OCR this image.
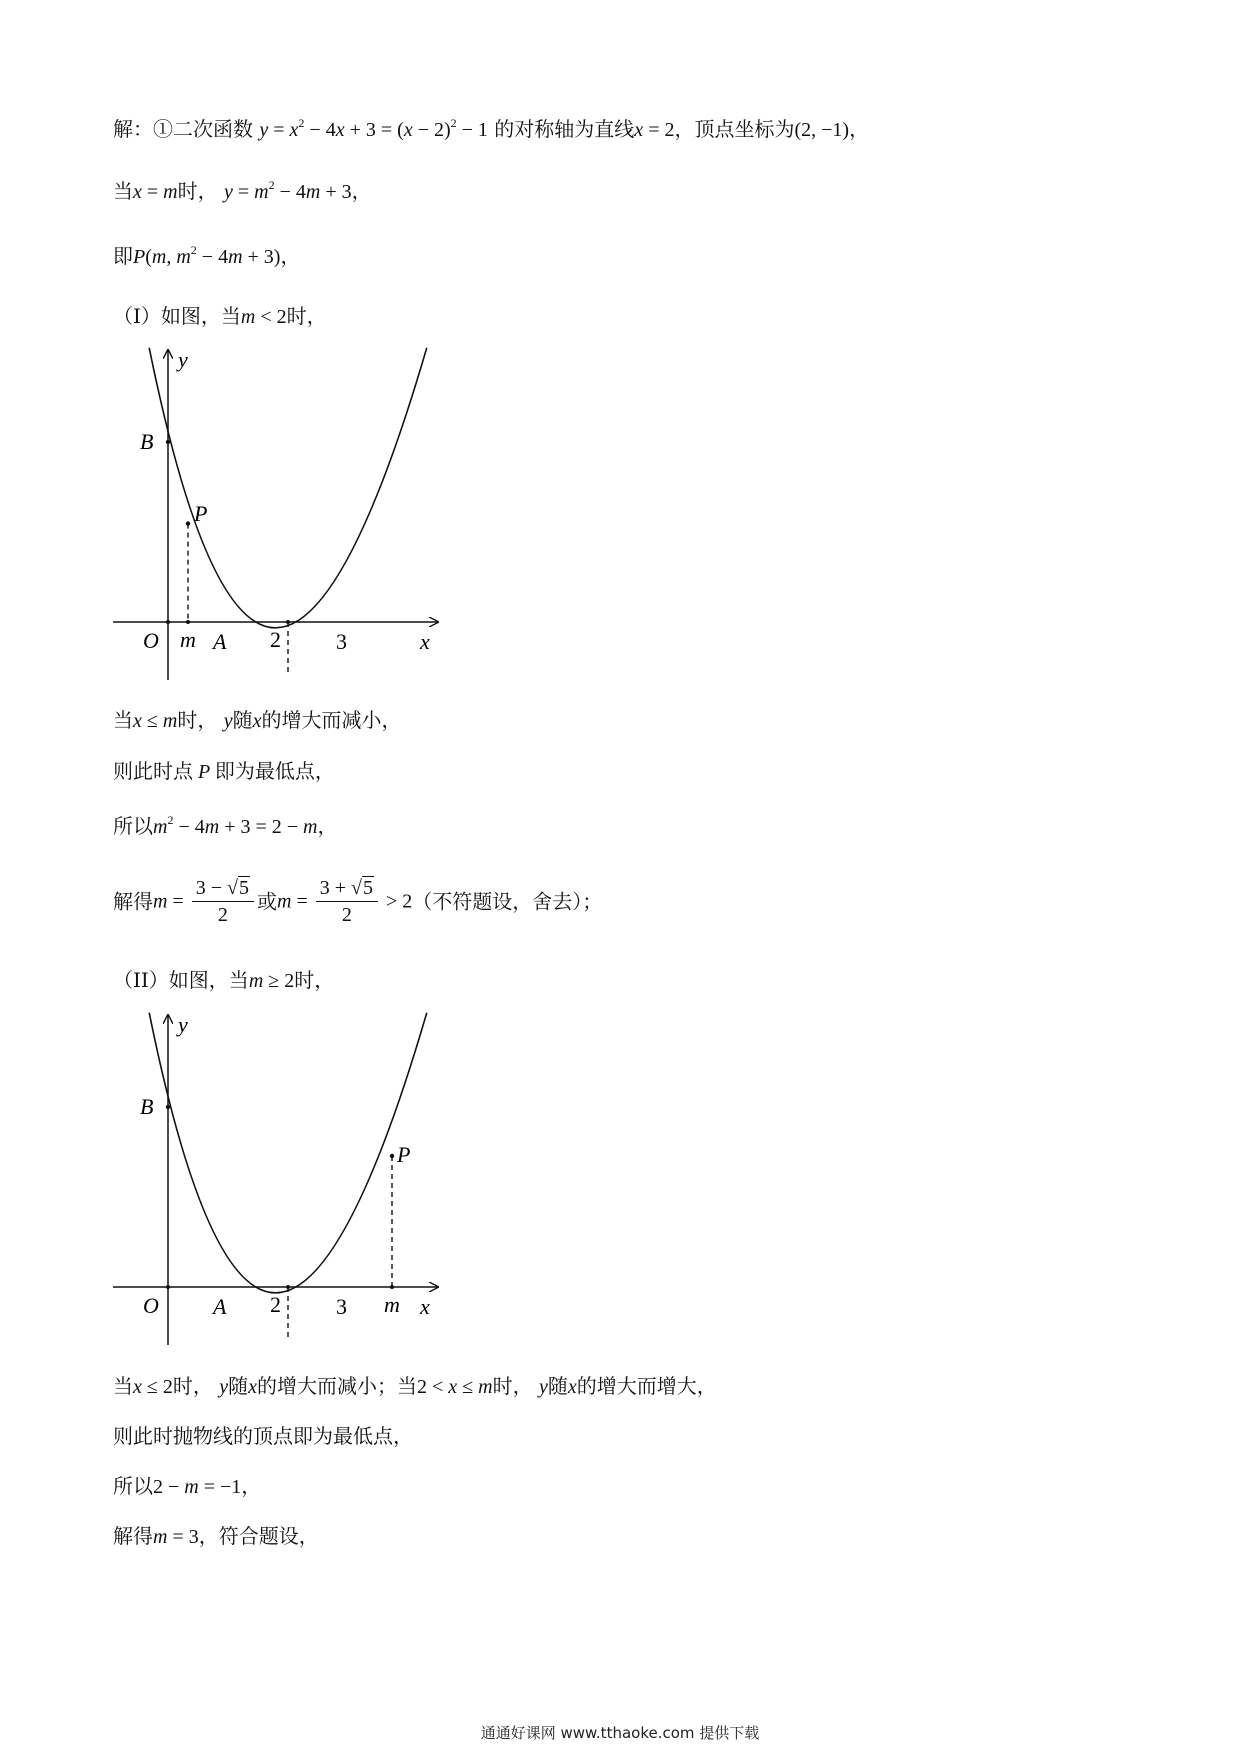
解：①二次函数 $y = x^2 - 4x + 3 = (x - 2)^2 - 1$ 的对称轴为直线x = 2，顶点坐标为(2, −1)，
当x = m时， $y = m^2 - 4m + 3$，
即P(m, $m^2 - 4m + 3$)，
（I）如图，当m < 2时，
y
B
P
O m A 2	3	x
当x ≤ m时， y随x的增大而减小，
则此时点 P 即为最低点，
所以$m^2 - 4m + 3 = 2 - m$，
解得$m = \frac{3 - √5}{2}$ 或$m = \frac{3 + √5}{2} > 2$（不符题设，舍去）；
（II）如图，当m ≥ 2时，
y
B
P
O A 2	3 m x
当x ≤ 2时， y随x的增大而减小；当2 < x ≤ m时， y随x的增大而增大，
则此时抛物线的顶点即为最低点，
所以2 − m = −1，
解得m = 3，符合题设，
通通好课网 www.tthaoke.com 提供下载
